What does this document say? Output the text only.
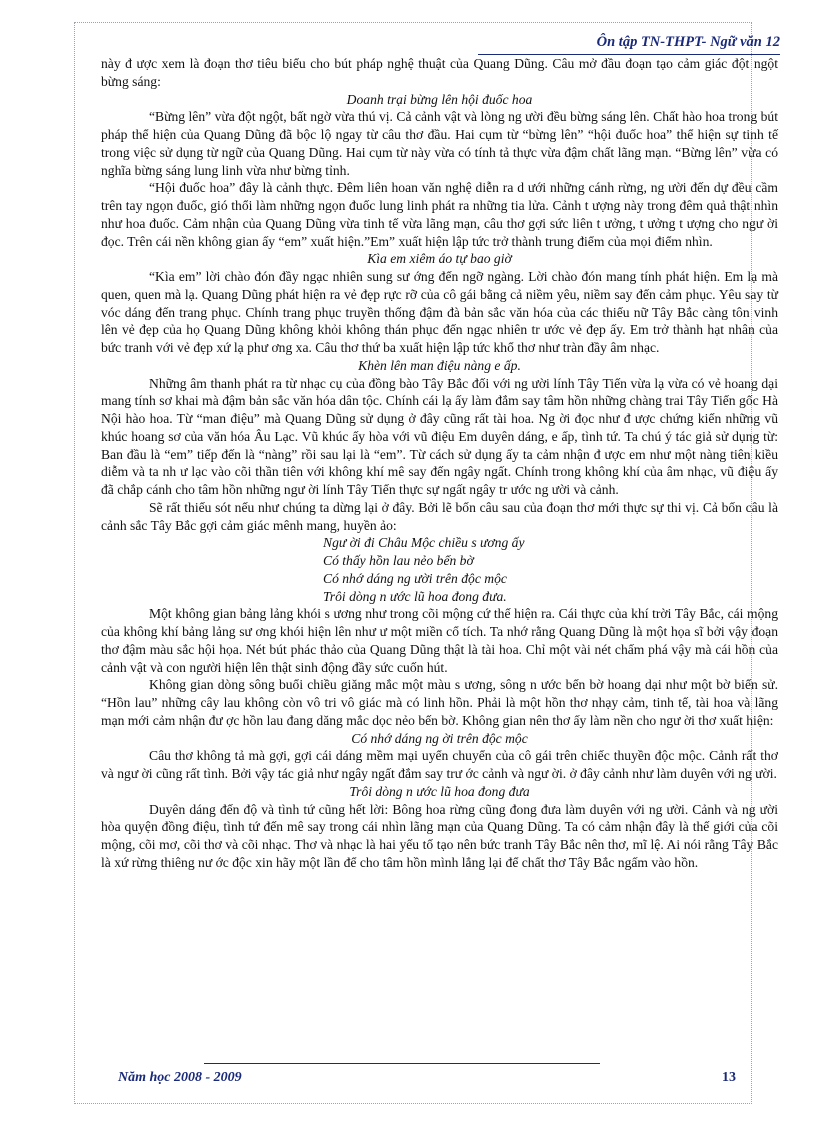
Ôn tập TN-THPT- Ngữ văn 12

này đ ược xem là đoạn thơ tiêu biểu cho bút pháp nghệ thuật của Quang Dũng. Câu mở đầu đoạn tạo cảm giác đột ngột bừng sáng:

Doanh trại bừng lên hội đuốc hoa

“Bừng lên” vừa đột ngột, bất ngờ vừa thú vị. Cả cảnh vật và lòng ng ười đều bừng sáng lên. Chất hào hoa trong bút pháp thể hiện của Quang Dũng đã bộc lộ ngay từ câu thơ đầu. Hai cụm từ “bừng lên” “hội đuốc hoa” thể hiện sự tinh tế trong việc sử dụng từ ngữ của Quang Dũng. Hai cụm từ này vừa có tính tả thực vừa đậm chất lãng mạn. “Bừng lên” vừa có nghĩa bừng sáng lung linh vừa như bừng tỉnh.

“Hội đuốc hoa” đây là cảnh thực. Đêm liên hoan văn nghệ diễn ra d ưới những cánh rừng, ng ười đến dự đều cầm trên tay ngọn đuốc, gió thổi làm những ngọn đuốc lung linh phát ra những tia lửa. Cảnh t ượng này trong đêm quả thật nhìn như hoa đuốc. Cảm nhận của Quang Dũng vừa tinh tế vừa lãng mạn, câu thơ gợi sức liên t ưởng, t ưởng t ượng cho ngư ời đọc. Trên cái nền không gian ấy “em” xuất hiện.”Em” xuất hiện lập tức trở thành trung điểm của mọi điểm nhìn.

Kìa em xiêm áo tự bao giờ

“Kìa em” lời chào đón đầy ngạc nhiên sung sư ớng đến ngỡ ngàng. Lời chào đón mang tính phát hiện. Em lạ mà quen, quen mà lạ. Quang Dũng phát hiện ra vẻ đẹp rực rỡ của cô gái bằng cả niềm yêu, niềm say đến cảm phục. Yêu say từ vóc dáng đến trang phục. Chính trang phục truyền thống đậm đà bản sắc văn hóa của các thiếu nữ Tây Bắc càng tôn vinh lên vẻ đẹp của họ Quang Dũng không khỏi không thán phục đến ngạc nhiên tr ước vẻ đẹp ấy. Em trở thành hạt nhân của bức tranh với vẻ đẹp xứ lạ phư ơng xa. Câu thơ thứ ba xuất hiện lập tức khổ thơ như tràn đầy âm nhạc.

Khèn lên man điệu nàng e ấp.

Những âm thanh phát ra từ nhạc cụ của đồng bào Tây Bắc đối với ng ười lính Tây Tiến vừa lạ vừa có vẻ hoang dại mang tính sơ khai mà đậm bản sắc văn hóa dân tộc. Chính cái lạ ấy làm đắm say tâm hồn những chàng trai Tây Tiến gốc Hà Nội hào hoa. Từ “man điệu” mà Quang Dũng sử dụng ở đây cũng rất tài hoa. Ng ời đọc như đ ược chứng kiến những vũ khúc hoang sơ của văn hóa Âu Lạc. Vũ khúc ấy hòa với vũ điệu Em duyên dáng, e ấp, tình tứ. Ta chú ý tác giả sử dụng từ: Ban đầu là “em” tiếp đến là “nàng” rồi sau lại là “em”. Từ cách sử dụng ấy ta cảm nhận đ ược em như một nàng tiên kiều diễm và ta nh ư lạc vào cõi thần tiên với không khí mê say đến ngây ngất. Chính trong không khí của âm nhạc, vũ điệu ấy đã chắp cánh cho tâm hồn những ngư ời lính Tây Tiến thực sự ngất ngây tr ước ng ười và cảnh.

Sẽ rất thiếu sót nếu như chúng ta dừng lại ở đây. Bởi lẽ bốn câu sau của đoạn thơ mới thực sự thi vị. Cả bốn câu là cảnh sắc Tây Bắc gợi cảm giác mênh mang, huyền ảo:

Ngư ời đi Châu Mộc chiều s ương ấy

Có thấy hồn lau nẻo bến bờ

Có nhớ dáng ng ười trên độc mộc

Trôi dòng n ước lũ hoa đong đưa.

Một không gian bảng lảng khói s ương như trong cõi mộng cứ thế hiện ra. Cái thực của khí trời Tây Bắc, cái mộng của không khí bảng lảng sư ơng khói hiện lên như ư một miền cổ tích. Ta nhớ rằng Quang Dũng là một họa sĩ bởi vậy đoạn thơ đậm màu sắc hội họa. Nét bút phác thảo của Quang Dũng thật là tài hoa. Chỉ một vài nét chấm phá vậy mà cái hồn của cảnh vật và con người hiện lên thật sinh động đầy sức cuốn hút.

Không gian dòng sông buổi chiều giăng mắc một màu s ương, sông n ước bến bờ hoang dại như một bờ biển sử. “Hồn lau” những cây lau không còn vô tri vô giác mà có linh hồn. Phải là một hồn thơ nhạy cảm, tinh tế, tài hoa và lãng mạn mới cảm nhận đư ợc hồn lau đang dăng mắc dọc nẻo bến bờ. Không gian nên thơ ấy làm nền cho ngư ời thơ xuất hiện:

Có nhớ dáng ng ời trên độc mộc

Câu thơ không tả mà gợi, gợi cái dáng mềm mại uyển chuyển của cô gái trên chiếc thuyền độc mộc. Cảnh rất thơ và ngư ời cũng rất tình. Bởi vậy tác giả như ngây ngất đắm say trư ớc cảnh và ngư ời. ở đây cảnh như làm duyên với ng ười.

Trôi dòng n ước lũ hoa đong đưa

Duyên dáng đến độ và tình tứ cũng hết lời: Bông hoa rừng cũng đong đưa làm duyên với ng ười. Cảnh và ng ười hòa quyện đồng điệu, tình tứ đến mê say trong cái nhìn lãng mạn của Quang Dũng. Ta có cảm nhận đây là thế giới của cõi mộng, cõi mơ, cõi thơ và cõi nhạc. Thơ và nhạc là hai yếu tố tạo nên bức tranh Tây Bắc nên thơ, mĩ lệ. Ai nói rằng Tây Bắc là xứ rừng thiêng nư ớc độc xin hãy một lần để cho tâm hồn mình lắng lại để chất thơ Tây Bắc ngấm vào hồn.

Năm học 2008 - 2009	13
